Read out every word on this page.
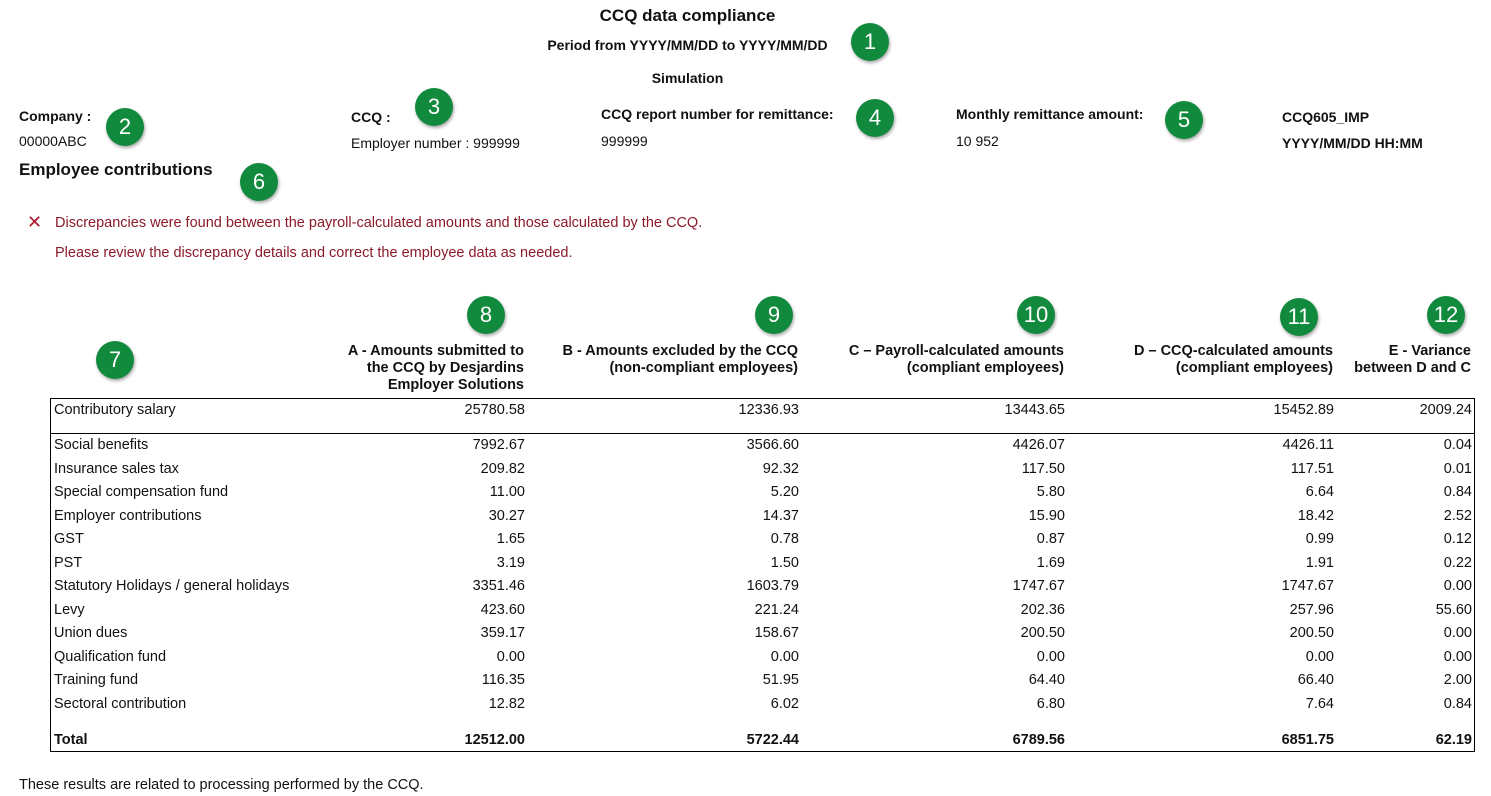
CCQ data compliance
Period from YYYY/MM/DD to YYYY/MM/DD
Simulation
Company :
00000ABC
CCQ :
Employer number : 999999
CCQ report number for remittance:
999999
Monthly remittance amount:
10 952
CCQ605_IMP
YYYY/MM/DD HH:MM
Employee contributions
✕ Discrepancies were found between the payroll-calculated amounts and those calculated by the CCQ.
Please review the discrepancy details and correct the employee data as needed.
1
2
3	4	5
6
7
8	9	10	11	12
A - Amounts submitted to
the CCQ by Desjardins
Employer Solutions
B - Amounts excluded by the CCQ
(non-compliant employees)
C – Payroll-calculated amounts
(compliant employees)
D – CCQ-calculated amounts
(compliant employees)
E - Variance
between D and C
Contributory salary	25780.58	12336.93	13443.65	15452.89	2009.24
Social benefits	7992.67	3566.60	4426.07	4426.11	0.04
Insurance sales tax	209.82	92.32	117.50	117.51	0.01
Special compensation fund	11.00	5.20	5.80	6.64	0.84
Employer contributions	30.27	14.37	15.90	18.42	2.52
GST	1.65	0.78	0.87	0.99	0.12
PST	3.19	1.50	1.69	1.91	0.22
Statutory Holidays / general holidays	3351.46	1603.79	1747.67	1747.67	0.00
Levy	423.60	221.24	202.36	257.96	55.60
Union dues	359.17	158.67	200.50	200.50	0.00
Qualification fund	0.00	0.00	0.00	0.00	0.00
Training fund	116.35	51.95	64.40	66.40	2.00
Sectoral contribution	12.82	6.02	6.80	7.64	0.84
Total	12512.00	5722.44	6789.56	6851.75	62.19
These results are related to processing performed by the CCQ.
